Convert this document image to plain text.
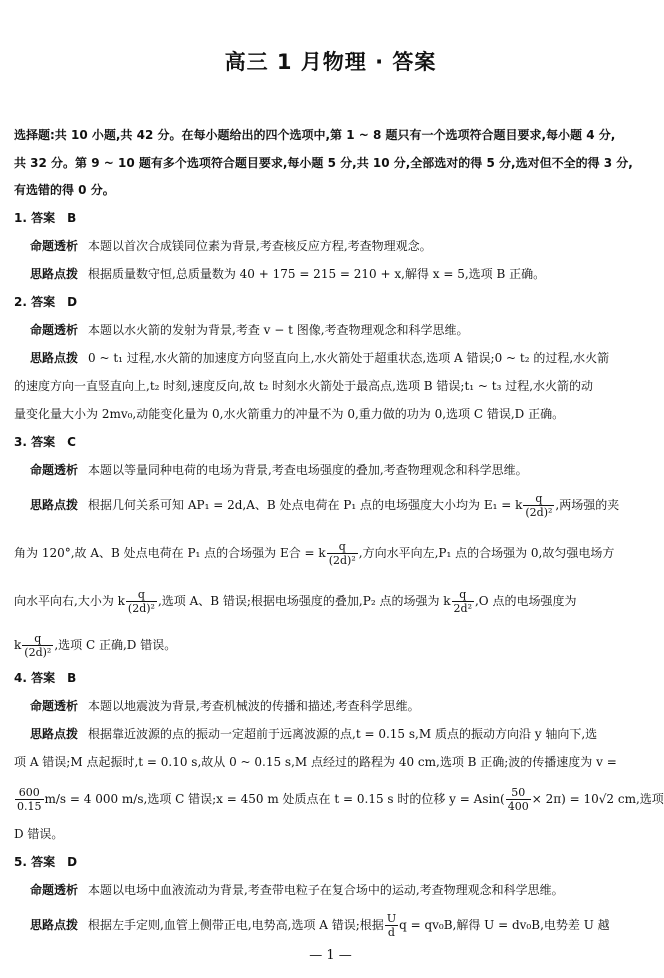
高三 1 月物理 · 答案
选择题:共 10 小题,共 42 分。在每小题给出的四个选项中,第 1 ~ 8 题只有一个选项符合题目要求,每小题 4 分,
共 32 分。第 9 ~ 10 题有多个选项符合题目要求,每小题 5 分,共 10 分,全部选对的得 5 分,选对但不全的得 3 分,
有选错的得 0 分。
1. 答案　B
命题透析 本题以首次合成镁同位素为背景,考查核反应方程,考查物理观念。
思路点拨 根据质量数守恒,总质量数为 40 + 175 = 215 = 210 + x,解得 x = 5,选项 B 正确。
2. 答案　D
命题透析 本题以水火箭的发射为背景,考查 v − t 图像,考查物理观念和科学思维。
思路点拨 0 ~ t₁ 过程,水火箭的加速度方向竖直向上,水火箭处于超重状态,选项 A 错误;0 ~ t₂ 的过程,水火箭
的速度方向一直竖直向上,t₂ 时刻,速度反向,故 t₂ 时刻水火箭处于最高点,选项 B 错误;t₁ ~ t₃ 过程,水火箭的动
量变化量大小为 2mv₀,动能变化量为 0,水火箭重力的冲量不为 0,重力做的功为 0,选项 C 错误,D 正确。
3. 答案　C
命题透析 本题以等量同种电荷的电场为背景,考查电场强度的叠加,考查物理观念和科学思维。
思路点拨 根据几何关系可知 AP₁ = 2d,A、B 处点电荷在 P₁ 点的电场强度大小均为 E₁ = k $\frac{q}{\text{(2d)²}}$ ,两场强的夹
角为 120°,故 A、B 处点电荷在 P₁ 点的合场强为 E合 = k $\frac{q}{\text{(2d)²}}$ ,方向水平向左,P₁ 点的合场强为 0,故匀强电场方
向水平向右,大小为 k $\frac{q}{\text{(2d)²}}$ ,选项 A、B 错误;根据电场强度的叠加,P₂ 点的场强为 k $\frac{q}{\text{2d²}} ,O$ 点的电场强度为
k $\frac{q}{\text{(2d)²}}$ ,选项 C 正确,D 错误。
4. 答案　B
命题透析 本题以地震波为背景,考查机械波的传播和描述,考查科学思维。
思路点拨 根据靠近波源的点的振动一定超前于远离波源的点,t = 0.15 s,M 质点的振动方向沿 y 轴向下,选
项 A 错误;M 点起振时,t = 0.10 s,故从 0 ~ 0.15 s,M 点经过的路程为 40 cm,选项 B 正确;波的传播速度为 v =
$\frac{600}{0.15} m/s = 4$ 000 m/s,选项 C 错误;x = 450 m 处质点在 t = 0.15 s 时的位移 $y = Asin( \frac{50}{400} \times 2\pi) = 10√2$ cm,选项
D 错误。
5. 答案　D
命题透析 本题以电场中血液流动为背景,考查带电粒子在复合场中的运动,考查物理观念和科学思维。
思路点拨 根据左手定则,血管上侧带正电,电势高,选项 A 错误;根据 $\frac{U}{d}$ q = qv₀B,解得 U = dv₀B,电势差 U 越
— 1 —
